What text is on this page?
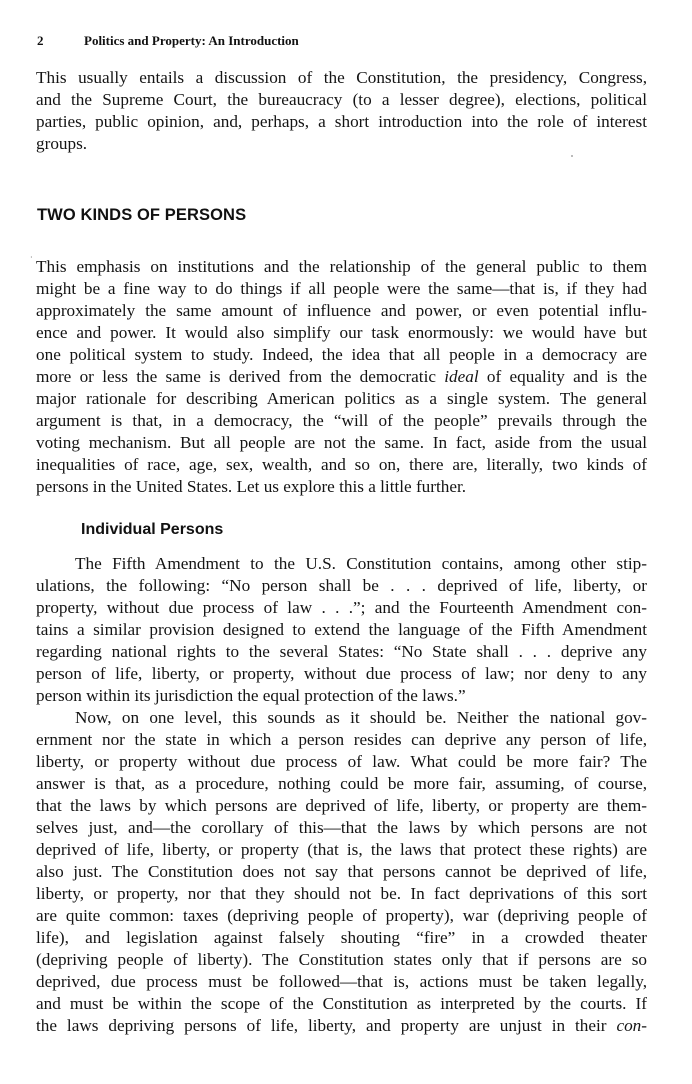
2	Politics and Property: An Introduction
This usually entails a discussion of the Constitution, the presidency, Congress,
and the Supreme Court, the bureaucracy (to a lesser degree), elections, political
parties, public opinion, and, perhaps, a short introduction into the role of interest
groups.
TWO KINDS OF PERSONS
· This emphasis on institutions and the relationship of the general public to them
might be a fine way to do things if all people were the same—that is, if they had
approximately the same amount of influence and power, or even potential influ-
ence and power. It would also simplify our task enormously: we would have but
one political system to study. Indeed, the idea that all people in a democracy are
more or less the same is derived from the democratic ideal of equality and is the
major rationale for describing American politics as a single system. The general
argument is that, in a democracy, the “will of the people” prevails through the
voting mechanism. But all people are not the same. In fact, aside from the usual
inequalities of race, age, sex, wealth, and so on, there are, literally, two kinds of
persons in the United States. Let us explore this a little further.
Individual Persons
The Fifth Amendment to the U.S. Constitution contains, among other stip-
ulations, the following: “No person shall be . . . deprived of life, liberty, or
property, without due process of law . . .”; and the Fourteenth Amendment con-
tains a similar provision designed to extend the language of the Fifth Amendment
regarding national rights to the several States: “No State shall . . . deprive any
person of life, liberty, or property, without due process of law; nor deny to any
person within its jurisdiction the equal protection of the laws.”
Now, on one level, this sounds as it should be. Neither the national gov-
ernment nor the state in which a person resides can deprive any person of life,
liberty, or property without due process of law. What could be more fair? The
answer is that, as a procedure, nothing could be more fair, assuming, of course,
that the laws by which persons are deprived of life, liberty, or property are them-
selves just, and—the corollary of this—that the laws by which persons are not
deprived of life, liberty, or property (that is, the laws that protect these rights) are
also just. The Constitution does not say that persons cannot be deprived of life,
liberty, or property, nor that they should not be. In fact deprivations of this sort
are quite common: taxes (depriving people of property), war (depriving people of
life), and legislation against falsely shouting “fire” in a crowded theater
(depriving people of liberty). The Constitution states only that if persons are so
deprived, due process must be followed—that is, actions must be taken legally,
and must be within the scope of the Constitution as interpreted by the courts. If
the laws depriving persons of life, liberty, and property are unjust in their con-
